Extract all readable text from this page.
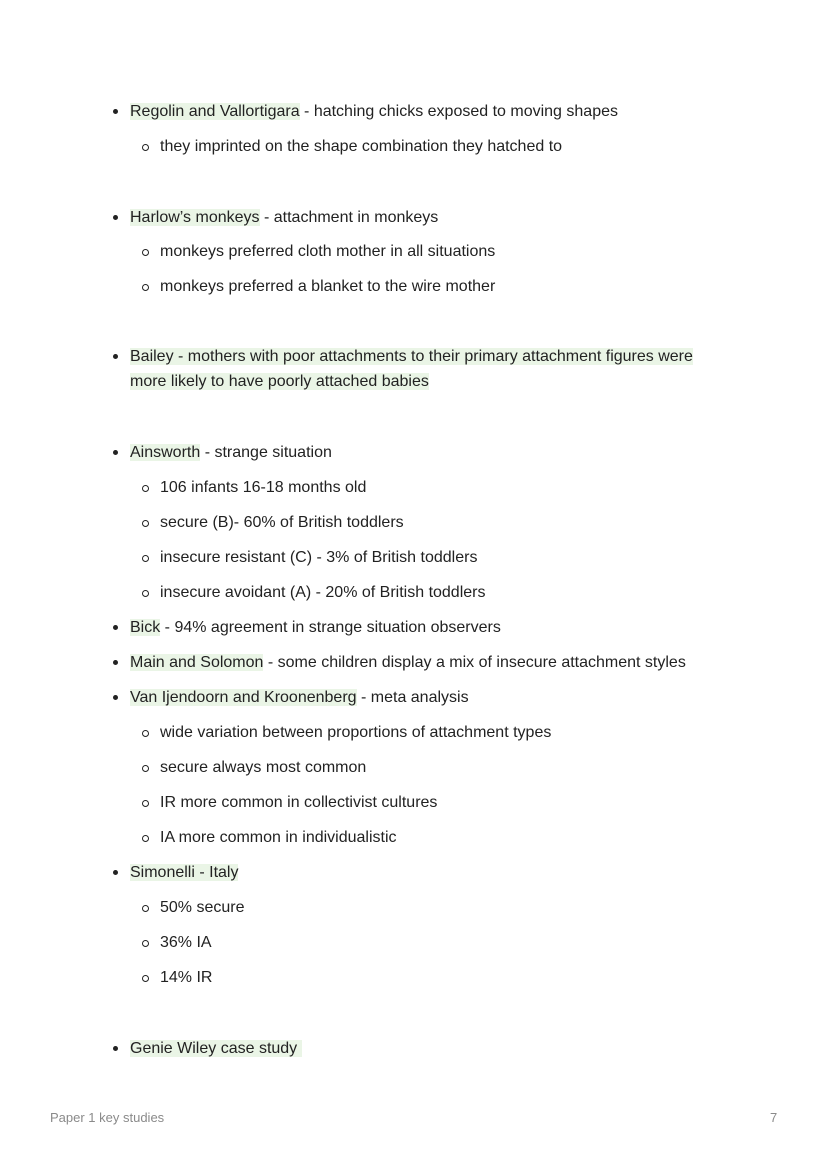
Regolin and Vallortigara - hatching chicks exposed to moving shapes
they imprinted on the shape combination they hatched to
Harlow’s monkeys - attachment in monkeys
monkeys preferred cloth mother in all situations
monkeys preferred a blanket to the wire mother
Bailey - mothers with poor attachments to their primary attachment figures were
more likely to have poorly attached babies
Ainsworth - strange situation
106 infants 16-18 months old
secure (B)- 60% of British toddlers
insecure resistant (C) - 3% of British toddlers
insecure avoidant (A) - 20% of British toddlers
Bick - 94% agreement in strange situation observers
Main and Solomon - some children display a mix of insecure attachment styles
Van Ijendoorn and Kroonenberg - meta analysis
wide variation between proportions of attachment types
secure always most common
IR more common in collectivist cultures
IA more common in individualistic
Simonelli - Italy
50% secure
36% IA
14% IR
Genie Wiley case study
Paper 1 key studies	7
